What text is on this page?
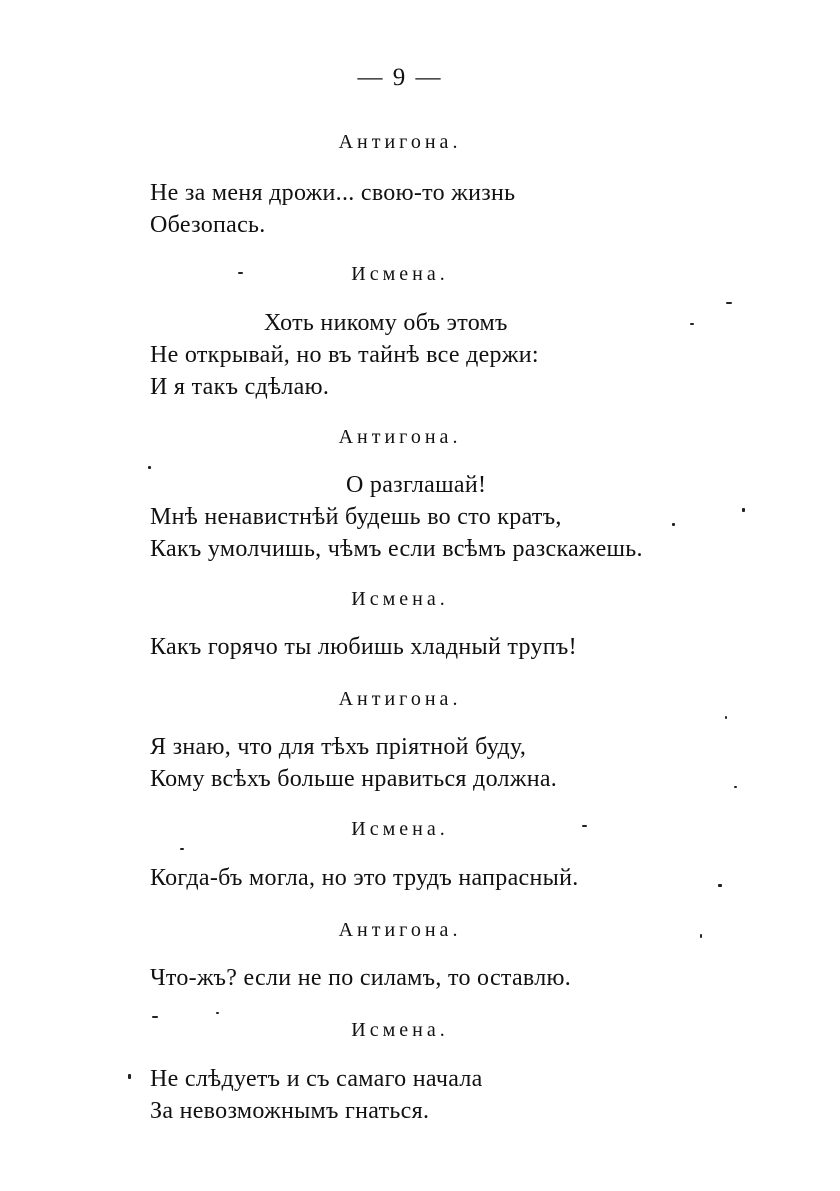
— 9 —
Антигона.
Не за меня дрожи... свою-то жизнь
Обезопась.
Исмена.
Хоть никому объ этомъ
Не открывай, но въ тайнѣ все держи:
И я такъ сдѣлаю.
Антигона.
О разглашай!
Мнѣ ненавистнѣй будешь во сто кратъ,
Какъ умолчишь, чѣмъ если всѣмъ разскажешь.
Исмена.
Какъ горячо ты любишь хладный трупъ!
Антигона.
Я знаю, что для тѣхъ пріятной буду,
Кому всѣхъ больше нравиться должна.
Исмена.
Когда-бъ могла, но это трудъ напрасный.
Антигона.
Что-жъ? если не по силамъ, то оставлю.
Исмена.
Не слѣдуетъ и съ самаго начала
За невозможнымъ гнаться.
